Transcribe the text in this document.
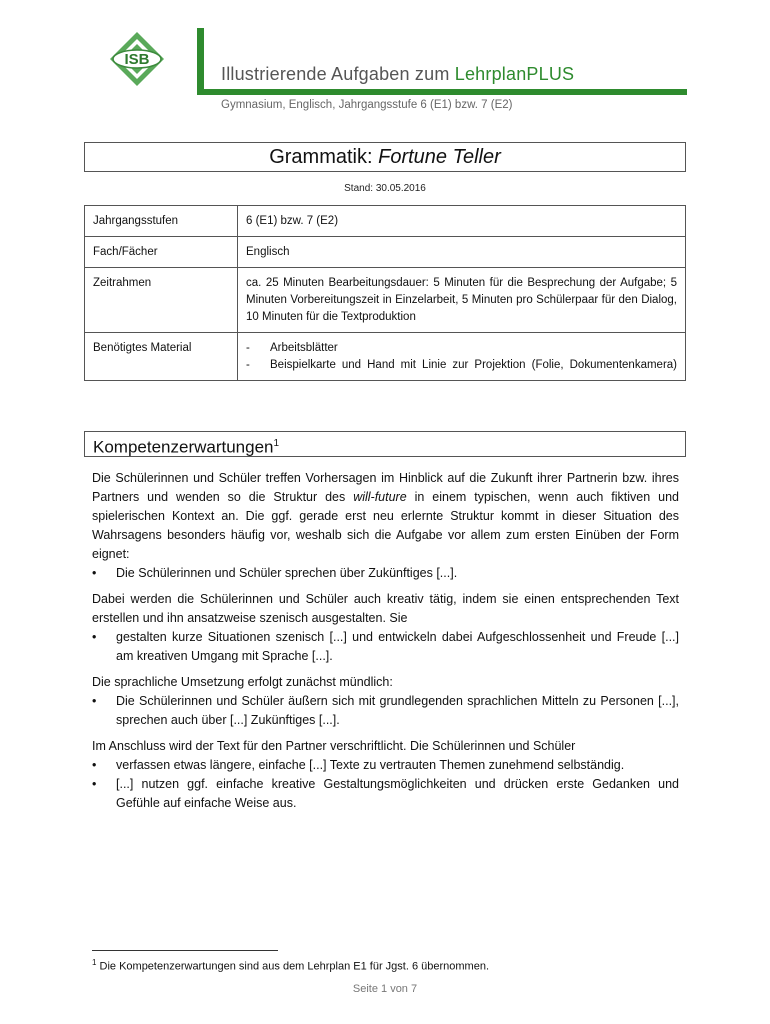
ISB
Illustrierende Aufgaben zum LehrplanPLUS
Gymnasium, Englisch, Jahrgangsstufe 6 (E1) bzw. 7 (E2)
Grammatik: Fortune Teller
Stand: 30.05.2016
Jahrgangsstufen	6 (E1) bzw. 7 (E2)
Fach/Fächer	Englisch
Zeitrahmen	ca. 25 Minuten Bearbeitungsdauer: 5 Minuten für die Besprechung der Aufgabe; 5 Minuten Vorbereitungszeit in Einzelarbeit, 5 Minuten pro Schülerpaar für den Dialog, 10 Minuten für die Textproduktion
Benötigtes Material	- Arbeitsblätter
- Beispielkarte und Hand mit Linie zur Projektion (Folie, Dokumentenkamera)
Kompetenzerwartungen$^1$

Die Schülerinnen und Schüler treffen Vorhersagen im Hinblick auf die Zukunft ihrer Partnerin bzw. ihres Partners und wenden so die Struktur des will-future in einem typischen, wenn auch fiktiven und spielerischen Kontext an. Die ggf. gerade erst neu erlernte Struktur kommt in dieser Situation des Wahrsagens besonders häufig vor, weshalb sich die Aufgabe vor allem zum ersten Einüben der Form eignet:

•	Die Schülerinnen und Schüler sprechen über Zukünftiges [...].

Dabei werden die Schülerinnen und Schüler auch kreativ tätig, indem sie einen entsprechenden Text erstellen und ihn ansatzweise szenisch ausgestalten. Sie

•	gestalten kurze Situationen szenisch [...] und entwickeln dabei Aufgeschlossenheit und Freude [...] am kreativen Umgang mit Sprache [...].

Die sprachliche Umsetzung erfolgt zunächst mündlich:

•	Die Schülerinnen und Schüler äußern sich mit grundlegenden sprachlichen Mitteln zu Personen [...], sprechen auch über [...] Zukünftiges [...].

Im Anschluss wird der Text für den Partner verschriftlicht. Die Schülerinnen und Schüler

•	verfassen etwas längere, einfache [...] Texte zu vertrauten Themen zunehmend selbständig.
•	[...] nutzen ggf. einfache kreative Gestaltungsmöglichkeiten und drücken erste Gedanken und Gefühle auf einfache Weise aus.
$^1$ Die Kompetenzerwartungen sind aus dem Lehrplan E1 für Jgst. 6 übernommen.
Seite 1 von 7
